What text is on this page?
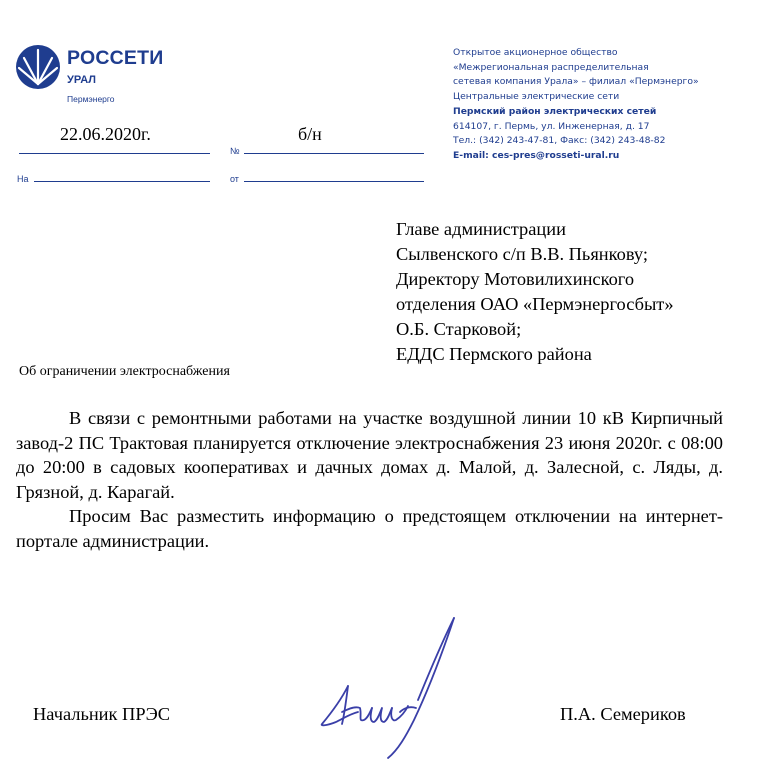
РОССЕТИ
УРАЛ
Пермэнерго
22.06.2020г.
№
б/н
На	от
Открытое акционерное общество
«Межрегиональная распределительная
сетевая компания Урала» – филиал «Пермэнерго»
Центральные электрические сети
Пермский район электрических сетей
614107, г. Пермь, ул. Инженерная, д. 17
Тел.: (342) 243-47-81, Факс: (342) 243-48-82
E-mail: ces-pres@rosseti-ural.ru
Главе администрации
Сылвенского с/п В.В. Пьянкову;
Директору Мотовилихинского
отделения ОАО «Пермэнергосбыт»
О.Б. Старковой;
ЕДДС Пермского района
Об ограничении электроснабжения

В связи с ремонтными работами на участке воздушной линии 10 кВ Кирпичный завод-2 ПС Трактовая планируется отключение электроснабжения 23 июня 2020г. с 08:00 до 20:00 в садовых кооперативах и дачных домах д. Малой, д. Залесной, с. Ляды, д. Грязной, д. Карагай.

Просим Вас разместить информацию о предстоящем отключении на интернет-портале администрации.

Начальник ПРЭС	П.А. Семериков
